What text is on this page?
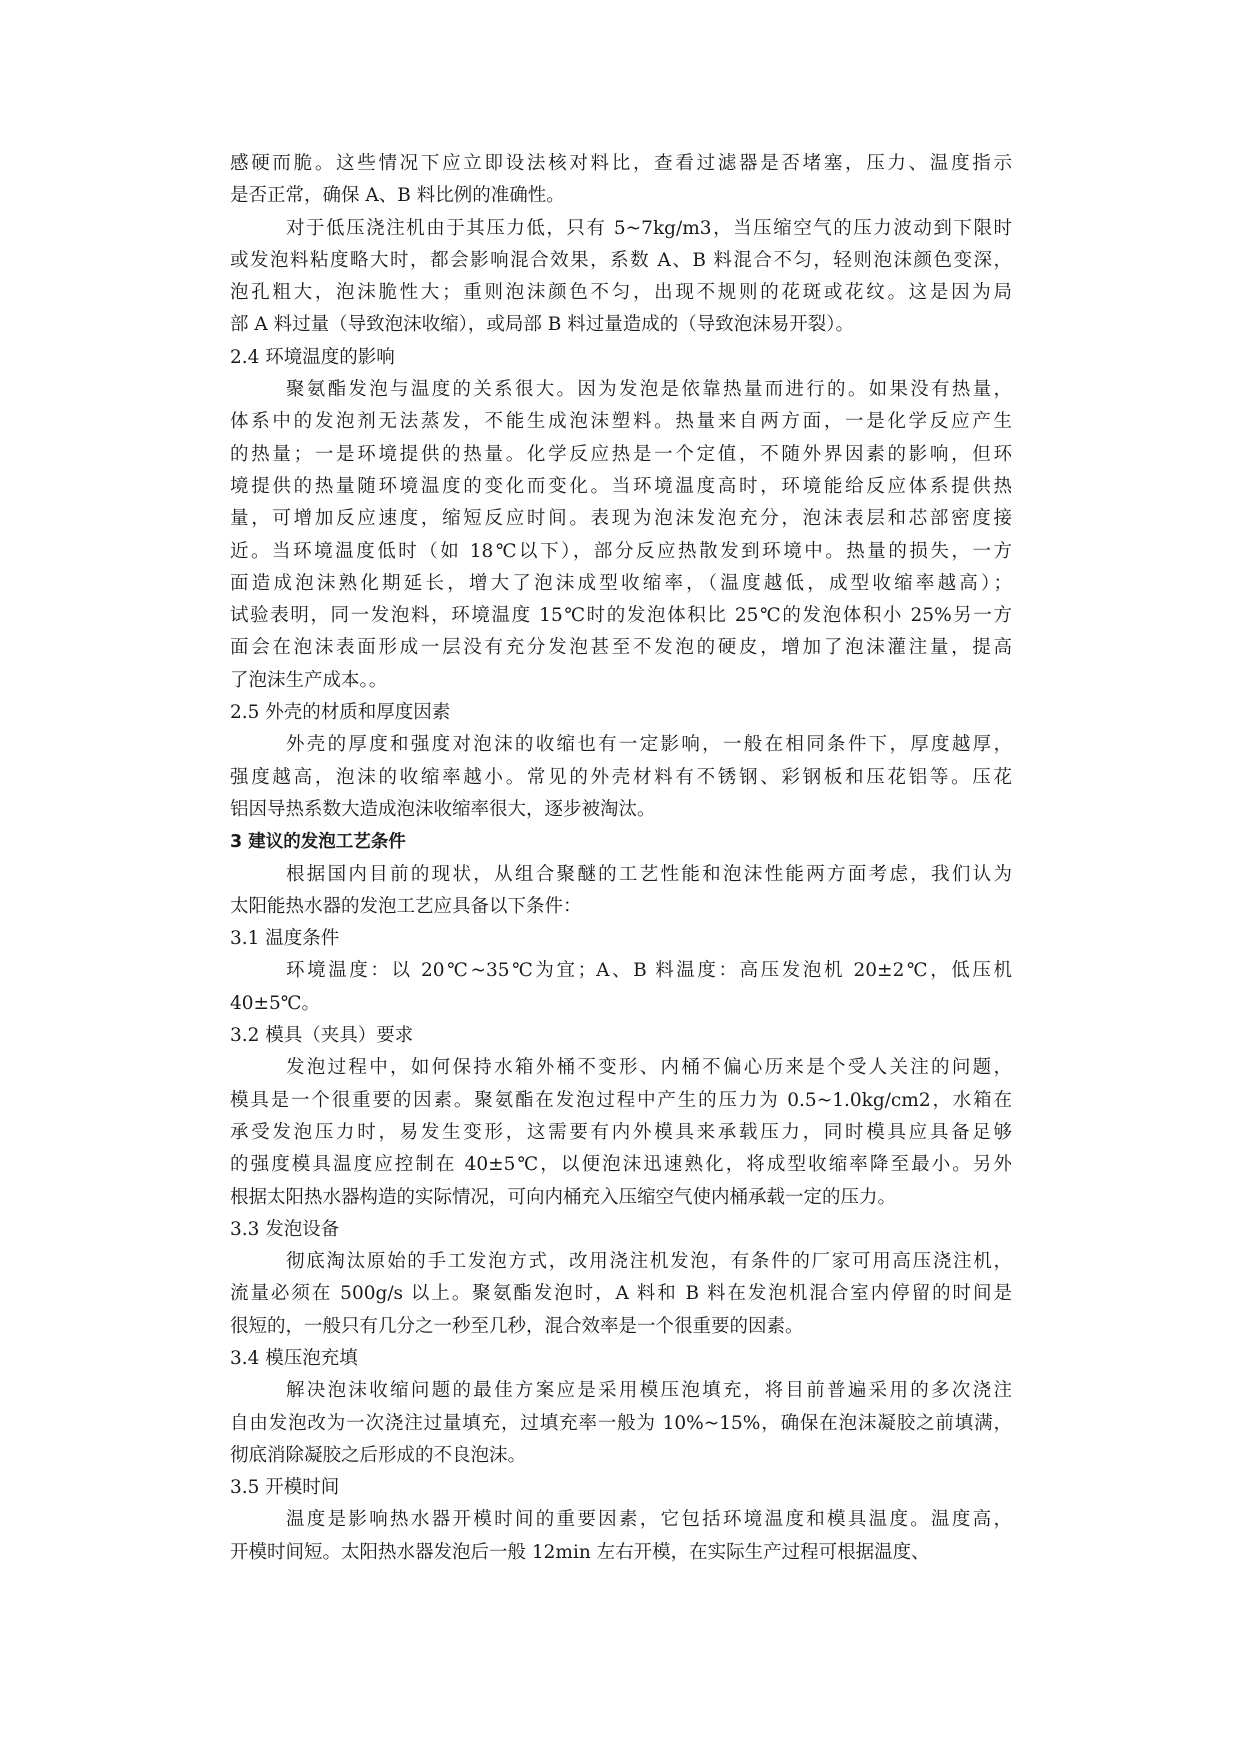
感硬而脆。这些情况下应立即设法核对料比，查看过滤器是否堵塞，压力、温度指示
是否正常，确保 A、B 料比例的准确性。
对于低压浇注机由于其压力低，只有 5~7kg/m3，当压缩空气的压力波动到下限时
或发泡料粘度略大时，都会影响混合效果，系数 A、B 料混合不匀，轻则泡沫颜色变深，
泡孔粗大，泡沫脆性大；重则泡沫颜色不匀，出现不规则的花斑或花纹。这是因为局
部 A 料过量（导致泡沫收缩），或局部 B 料过量造成的（导致泡沫易开裂）。
2.4 环境温度的影响
聚氨酯发泡与温度的关系很大。因为发泡是依靠热量而进行的。如果没有热量，
体系中的发泡剂无法蒸发，不能生成泡沫塑料。热量来自两方面，一是化学反应产生
的热量；一是环境提供的热量。化学反应热是一个定值，不随外界因素的影响，但环
境提供的热量随环境温度的变化而变化。当环境温度高时，环境能给反应体系提供热
量，可增加反应速度，缩短反应时间。表现为泡沫发泡充分，泡沫表层和芯部密度接
近。当环境温度低时（如 18℃以下），部分反应热散发到环境中。热量的损失，一方
面造成泡沫熟化期延长，增大了泡沫成型收缩率，（温度越低，成型收缩率越高）；
试验表明，同一发泡料，环境温度 15℃时的发泡体积比 25℃的发泡体积小 25%另一方
面会在泡沫表面形成一层没有充分发泡甚至不发泡的硬皮，增加了泡沫灌注量，提高
了泡沫生产成本。。
2.5 外壳的材质和厚度因素
外壳的厚度和强度对泡沫的收缩也有一定影响，一般在相同条件下，厚度越厚，
强度越高，泡沫的收缩率越小。常见的外壳材料有不锈钢、彩钢板和压花铝等。压花
铝因导热系数大造成泡沫收缩率很大，逐步被淘汰。
3 建议的发泡工艺条件
根据国内目前的现状，从组合聚醚的工艺性能和泡沫性能两方面考虑，我们认为
太阳能热水器的发泡工艺应具备以下条件：
3.1 温度条件
环境温度：以 20℃~35℃为宜；A、B 料温度：高压发泡机 20±2℃，低压机
40±5℃。
3.2 模具（夹具）要求
发泡过程中，如何保持水箱外桶不变形、内桶不偏心历来是个受人关注的问题，
模具是一个很重要的因素。聚氨酯在发泡过程中产生的压力为 0.5~1.0kg/cm2，水箱在
承受发泡压力时，易发生变形，这需要有内外模具来承载压力，同时模具应具备足够
的强度模具温度应控制在 40±5℃，以便泡沫迅速熟化，将成型收缩率降至最小。另外
根据太阳热水器构造的实际情况，可向内桶充入压缩空气使内桶承载一定的压力。
3.3 发泡设备
彻底淘汰原始的手工发泡方式，改用浇注机发泡，有条件的厂家可用高压浇注机，
流量必须在 500g/s 以上。聚氨酯发泡时，A 料和 B 料在发泡机混合室内停留的时间是
很短的，一般只有几分之一秒至几秒，混合效率是一个很重要的因素。
3.4 模压泡充填
解决泡沫收缩问题的最佳方案应是采用模压泡填充，将目前普遍采用的多次浇注
自由发泡改为一次浇注过量填充，过填充率一般为 10%~15%，确保在泡沫凝胶之前填满，
彻底消除凝胶之后形成的不良泡沫。
3.5 开模时间
温度是影响热水器开模时间的重要因素，它包括环境温度和模具温度。温度高，
开模时间短。太阳热水器发泡后一般 12min 左右开模，在实际生产过程可根据温度、
